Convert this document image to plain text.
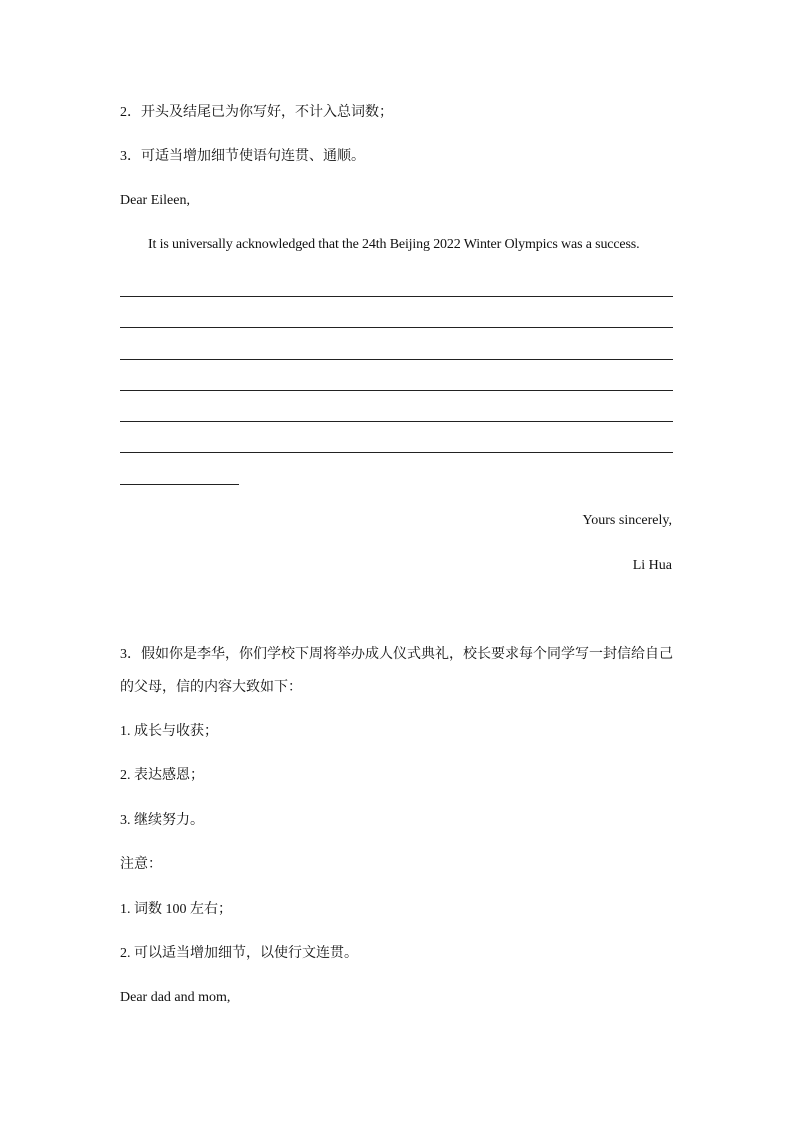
2．开头及结尾已为你写好，不计入总词数；
3．可适当增加细节使语句连贯、通顺。
Dear Eileen,
It is universally acknowledged that the 24th Beijing 2022 Winter Olympics was a success.
Yours sincerely,
Li Hua
3．假如你是李华，你们学校下周将举办成人仪式典礼，校长要求每个同学写一封信给自己
的父母，信的内容大致如下：
1. 成长与收获；
2. 表达感恩；
3. 继续努力。
注意：
1. 词数 100 左右；
2. 可以适当增加细节，以使行文连贯。
Dear dad and mom,
